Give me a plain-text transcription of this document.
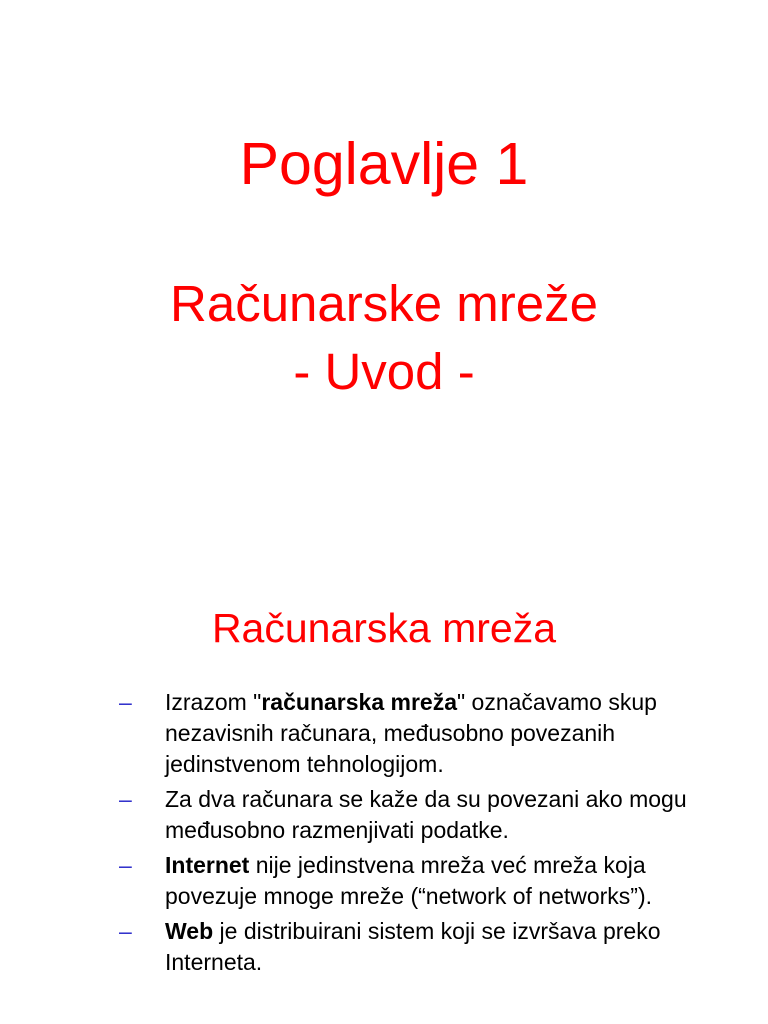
Poglavlje 1
Računarske mreže
- Uvod -
Računarska mreža
– Izrazom "računarska mreža" označavamo skup nezavisnih računara, međusobno povezanih jedinstvenom tehnologijom.
– Za dva računara se kaže da su povezani ako mogu međusobno razmenjivati podatke.
– Internet nije jedinstvena mreža već mreža koja povezuje mnoge mreže (“network of networks”).
– Web je distribuirani sistem koji se izvršava preko Interneta.
